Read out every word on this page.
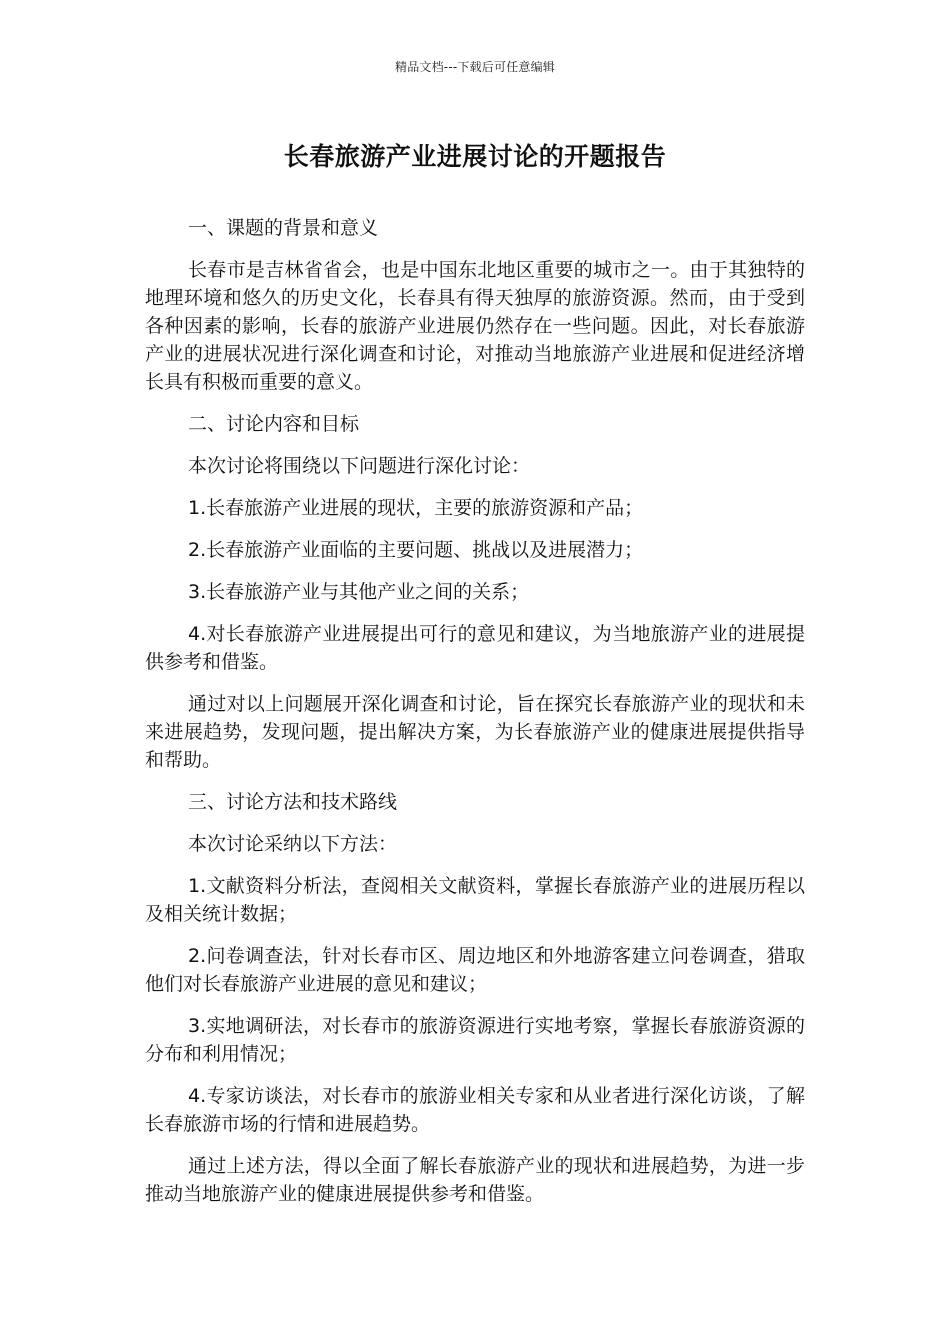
精品文档---下载后可任意编辑
长春旅游产业进展讨论的开题报告

一、课题的背景和意义

长春市是吉林省省会，也是中国东北地区重要的城市之一。由于其独特的地理环境和悠久的历史文化，长春具有得天独厚的旅游资源。然而，由于受到各种因素的影响，长春的旅游产业进展仍然存在一些问题。因此，对长春旅游产业的进展状况进行深化调查和讨论，对推动当地旅游产业进展和促进经济增长具有积极而重要的意义。

二、讨论内容和目标

本次讨论将围绕以下问题进行深化讨论：

1.长春旅游产业进展的现状，主要的旅游资源和产品；

2.长春旅游产业面临的主要问题、挑战以及进展潜力；

3.长春旅游产业与其他产业之间的关系；

4.对长春旅游产业进展提出可行的意见和建议，为当地旅游产业的进展提供参考和借鉴。

通过对以上问题展开深化调查和讨论，旨在探究长春旅游产业的现状和未来进展趋势，发现问题，提出解决方案，为长春旅游产业的健康进展提供指导和帮助。

三、讨论方法和技术路线

本次讨论采纳以下方法：

1.文献资料分析法，查阅相关文献资料，掌握长春旅游产业的进展历程以及相关统计数据；

2.问卷调查法，针对长春市区、周边地区和外地游客建立问卷调查，猎取他们对长春旅游产业进展的意见和建议；

3.实地调研法，对长春市的旅游资源进行实地考察，掌握长春旅游资源的分布和利用情况；

4.专家访谈法，对长春市的旅游业相关专家和从业者进行深化访谈，了解长春旅游市场的行情和进展趋势。

通过上述方法，得以全面了解长春旅游产业的现状和进展趋势，为进一步推动当地旅游产业的健康进展提供参考和借鉴。
